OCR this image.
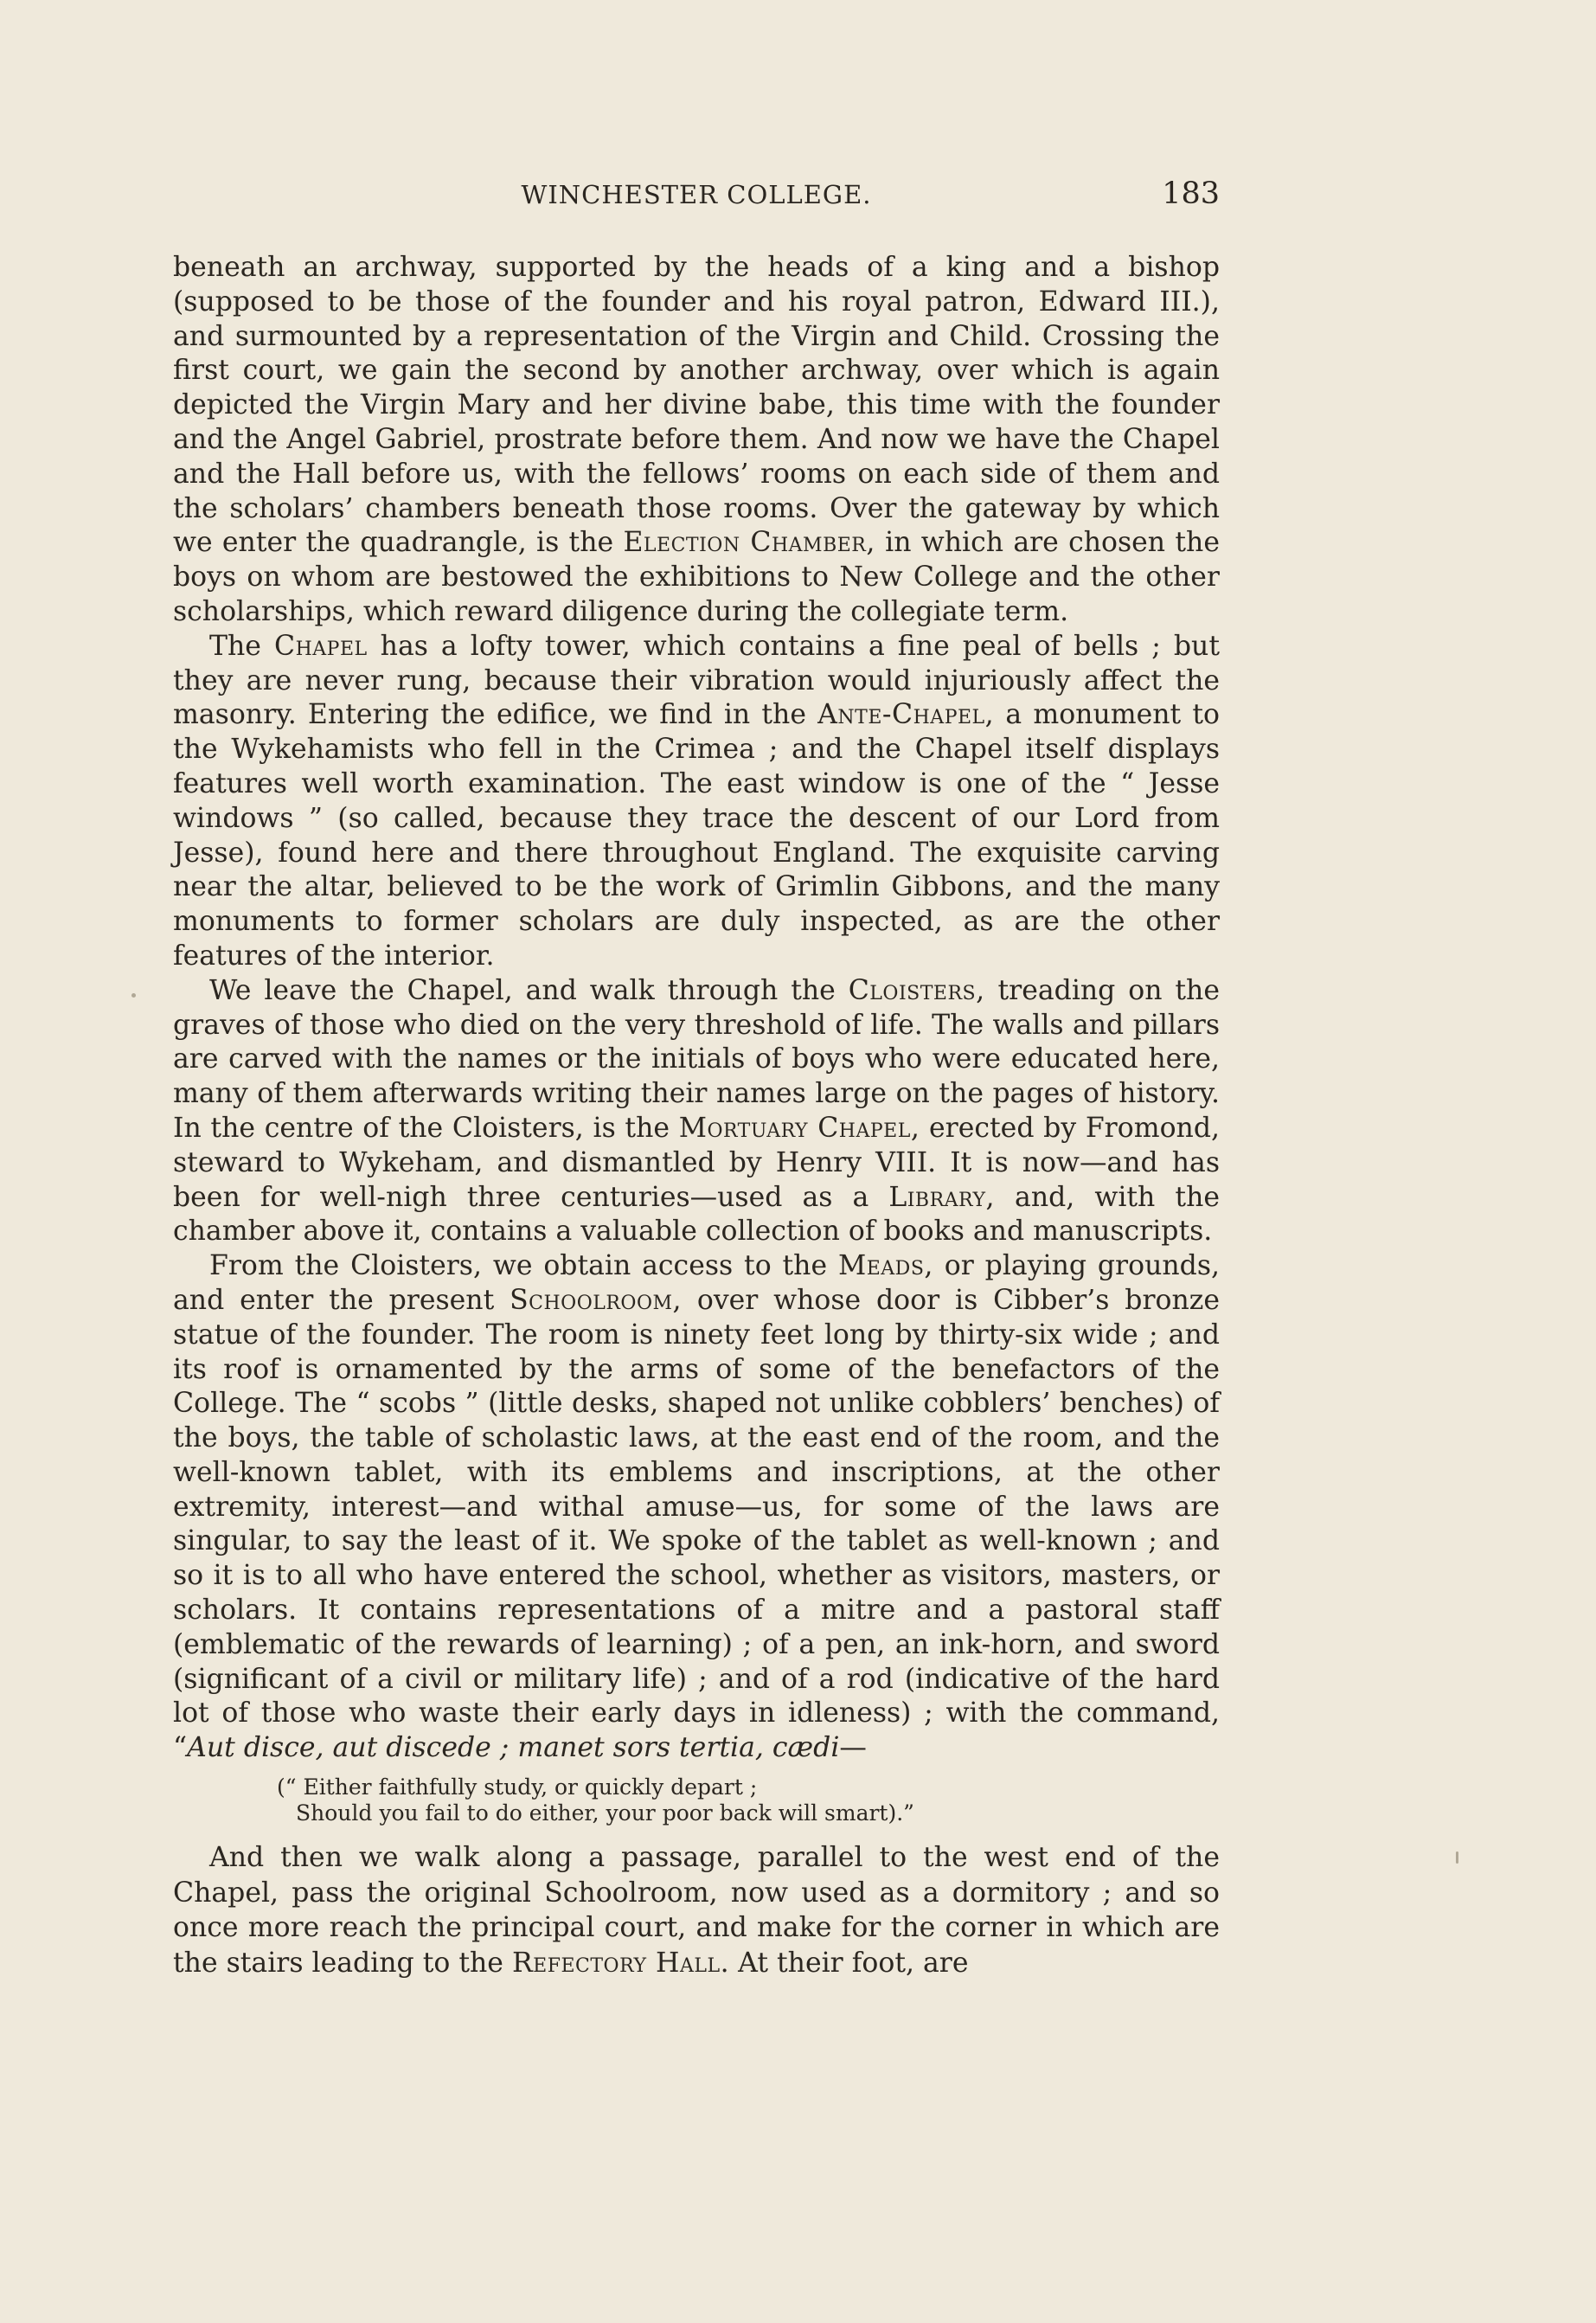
WINCHESTER COLLEGE.	183

beneath an archway, supported by the heads of a king and a bishop (supposed to be those of the founder and his royal patron, Edward III.), and surmounted by a representation of the Virgin and Child. Crossing the first court, we gain the second by another archway, over which is again depicted the Virgin Mary and her divine babe, this time with the founder and the Angel Gabriel, prostrate before them. And now we have the Chapel and the Hall before us, with the fellows’ rooms on each side of them and the scholars’ chambers beneath those rooms. Over the gateway by which we enter the quadrangle, is the Election Chamber, in which are chosen the boys on whom are bestowed the exhibitions to New College and the other scholarships, which reward diligence during the collegiate term.

The Chapel has a lofty tower, which contains a fine peal of bells ; but they are never rung, because their vibration would injuriously affect the masonry. Entering the edifice, we find in the Ante-Chapel, a monument to the Wykehamists who fell in the Crimea ; and the Chapel itself displays features well worth examination. The east window is one of the “ Jesse windows ” (so called, because they trace the descent of our Lord from Jesse), found here and there throughout England. The exquisite carving near the altar, believed to be the work of Grimlin Gibbons, and the many monuments to former scholars are duly inspected, as are the other features of the interior.

We leave the Chapel, and walk through the Cloisters, treading on the graves of those who died on the very threshold of life. The walls and pillars are carved with the names or the initials of boys who were educated here, many of them afterwards writing their names large on the pages of history. In the centre of the Cloisters, is the Mortuary Chapel, erected by Fromond, steward to Wykeham, and dismantled by Henry VIII. It is now—and has been for well-nigh three centuries—used as a Library, and, with the chamber above it, contains a valuable collection of books and manuscripts.

From the Cloisters, we obtain access to the Meads, or playing grounds, and enter the present Schoolroom, over whose door is Cibber’s bronze statue of the founder. The room is ninety feet long by thirty-six wide ; and its roof is ornamented by the arms of some of the benefactors of the College. The “ scobs ” (little desks, shaped not unlike cobblers’ benches) of the boys, the table of scholastic laws, at the east end of the room, and the well-known tablet, with its emblems and inscriptions, at the other extremity, interest—and withal amuse—us, for some of the laws are singular, to say the least of it. We spoke of the tablet as well-known ; and so it is to all who have entered the school, whether as visitors, masters, or scholars. It contains representations of a mitre and a pastoral staff (emblematic of the rewards of learning) ; of a pen, an ink-horn, and sword (significant of a civil or military life) ; and of a rod (indicative of the hard lot of those who waste their early days in idleness) ; with the command, “Aut disce, aut discede ; manet sors tertia, cædi—

(“ Either faithfully study, or quickly depart ;
Should you fail to do either, your poor back will smart).”

And then we walk along a passage, parallel to the west end of the Chapel, pass the original Schoolroom, now used as a dormitory ; and so once more reach the principal court, and make for the corner in which are the stairs leading to the Refectory Hall. At their foot, are
